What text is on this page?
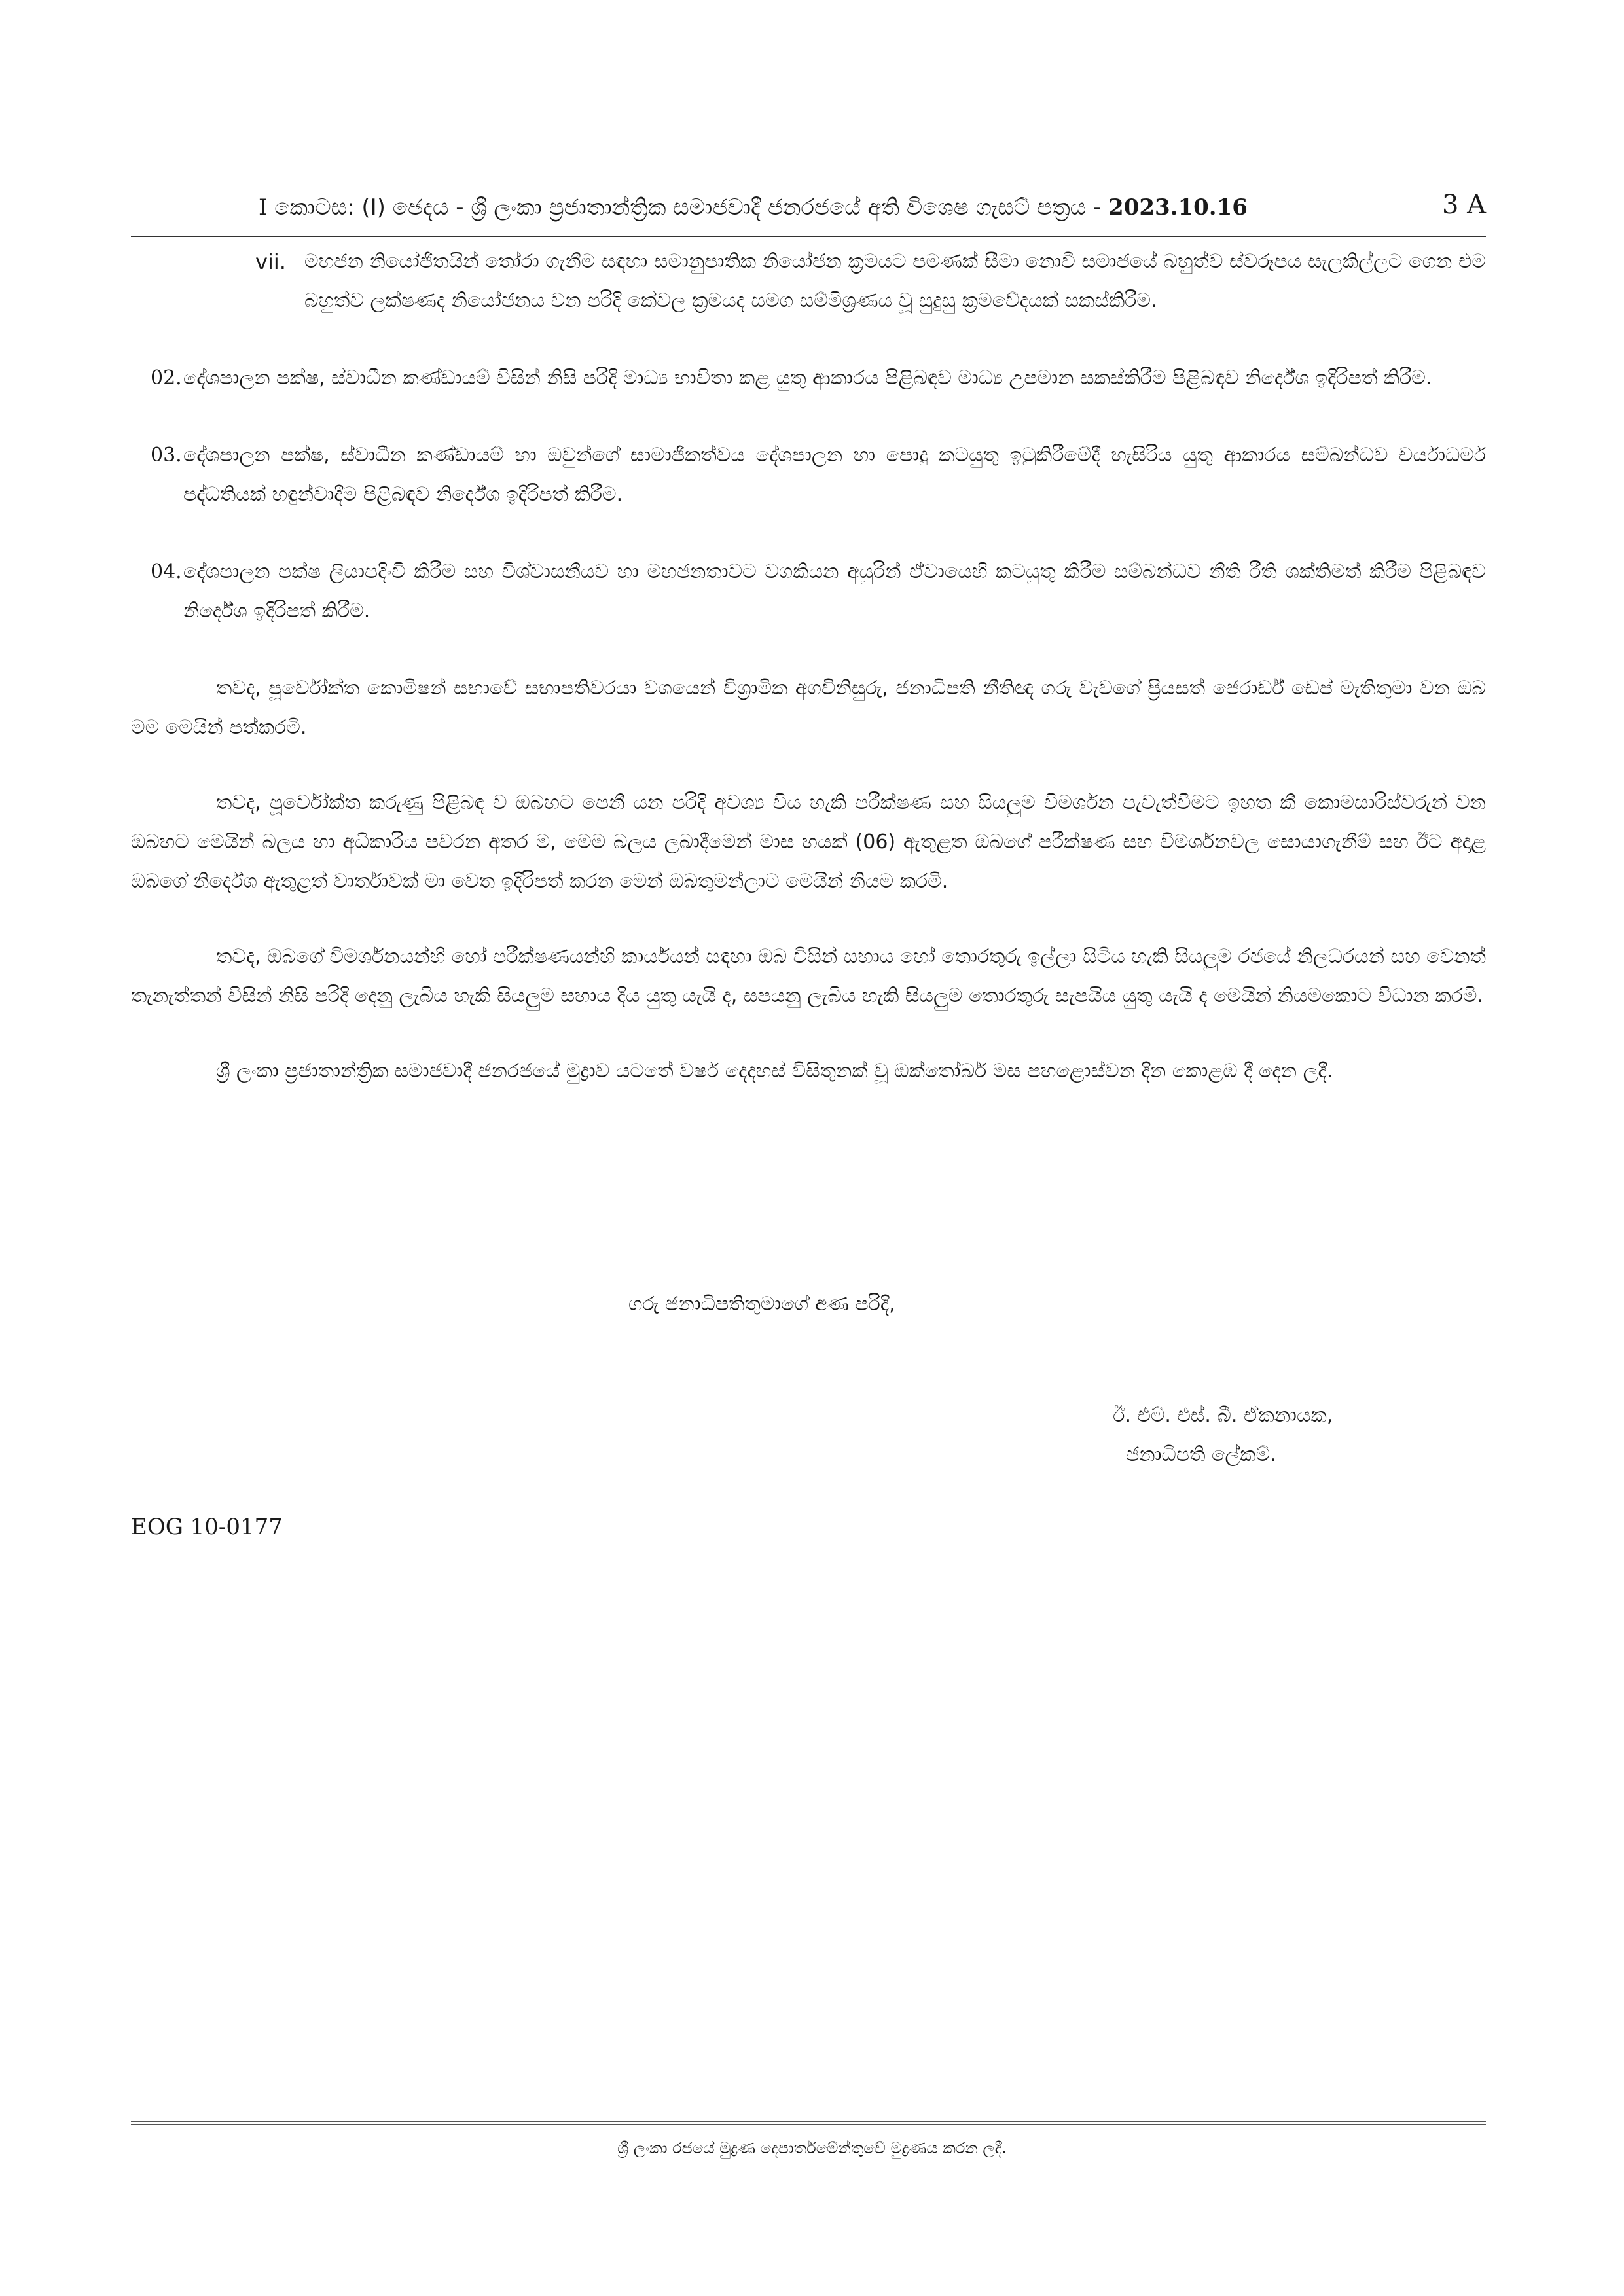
I කොටස: (I) ඡෙදය - ශ්‍රී ලංකා ප්‍රජාතාන්ත්‍රික සමාජවාදී ජනරජයේ අති විශෙෂ ගැසට් පත්‍රය - 2023.10.16	3 A
vii. මහජන නියෝජිතයින් තෝරා ගැනීම සඳහා සමානුපාතික නියෝජන ක්‍රමයට පමණක් සීමා නොවී සමාජයේ බහුත්ව ස්වරූපය සැලකිල්ලට ගෙන එම බහුත්ව ලක්ෂණද නියෝජනය වන පරිදි කේවල ක්‍රමයද සමග සම්මිශ්‍රණය වූ සුදුසු ක්‍රමවේදයක් සකස්කිරීම.
02. දේශපාලන පක්ෂ, ස්වාධීන කණ්ඩායම් විසින් නිසි පරිදි මාධ්‍ය භාවිතා කළ යුතු ආකාරය පිළිබඳව මාධ්‍ය උපමාන සකස්කිරීම පිළිබඳව නිර්දේශ ඉදිරිපත් කිරීම.
03. දේශපාලන පක්ෂ, ස්වාධීන කණ්ඩායම් හා ඔවුන්ගේ සාමාජිකත්වය දේශපාලන හා පොදු කටයුතු ඉටුකිරීමේදී හැසිරිය යුතු ආකාරය සම්බන්ධව චර්යාධර්ම පද්ධතියක් හඳුන්වාදීම පිළිබඳව නිර්දේශ ඉදිරිපත් කිරීම.
04. දේශපාලන පක්ෂ ලියාපදිංචි කිරීම සහ විශ්වාසනීයව හා මහජනතාවට වගකියන අයුරින් ඒවායෙහි කටයුතු කිරීම සම්බන්ධව නීති රීති ශක්තිමත් කිරීම පිළිබඳව නිර්දේශ ඉදිරිපත් කිරීම.

තවද, පූර්වෝක්ත කොමිෂන් සභාවේ සභාපතිවරයා වශයෙන් විශ්‍රාමික අගවිනිසුරු, ජනාධිපති නීතිඥ ගරු වැවගේ ප්‍රියසත් ජෙරාර්ඩ් ඩෙප් මැතිතුමා වන ඔබ මම මෙයින් පත්කරමි.

තවද, පූර්වෝක්ත කරුණු පිළිබඳ ව ඔබහට පෙනී යන පරිදි අවශ්‍ය විය හැකි පරීක්ෂණ සහ සියලුම විමර්ශන පැවැත්වීමට ඉහත කී කොමසාරිස්වරුන් වන ඔබහට මෙයින් බලය හා අධිකාරිය පවරන අතර ම, මෙම බලය ලබාදීමෙන් මාස හයක් (06) ඇතුළත ඔබගේ පරීක්ෂණ සහ විමර්ශනවල සොයාගැනීම් සහ ඊට අදාළ ඔබගේ නිර්දේශ ඇතුළත් වාර්තාවක් මා වෙත ඉදිරිපත් කරන මෙන් ඔබතුමන්ලාට මෙයින් නියම කරමි.

තවද, ඔබගේ විමර්ශනයන්හි හෝ පරීක්ෂණයන්හි කාර්යයන් සඳහා ඔබ විසින් සහාය හෝ තොරතුරු ඉල්ලා සිටිය හැකි සියලුම රජයේ නිලධරයන් සහ වෙනත් තැනැත්තන් විසින් නිසි පරිදි දෙනු ලැබිය හැකි සියලුම සහාය දිය යුතු යැයි ද, සපයනු ලැබිය හැකි සියලුම තොරතුරු සැපයිය යුතු යැයි ද මෙයින් නියමකොට විධාන කරමි.

ශ්‍රී ලංකා ප්‍රජාතාන්ත්‍රික සමාජවාදී ජනරජයේ මුද්‍රාව යටතේ වර්ෂ දෙදහස් විසිතුනක් වූ ඔක්තෝබර් මස පහළොස්වන දින කොළඹ දී දෙන ලදී.

ගරු ජනාධිපතිතුමාගේ අණ පරිදි,
ඊ. එම්. එස්. බී. ඒකනායක,
ජනාධිපති ලේකම්.
EOG 10-0177
ශ්‍රී ලංකා රජයේ මුද්‍රණ දෙපාර්තමේන්තුවේ මුද්‍රණය කරන ලදී.
